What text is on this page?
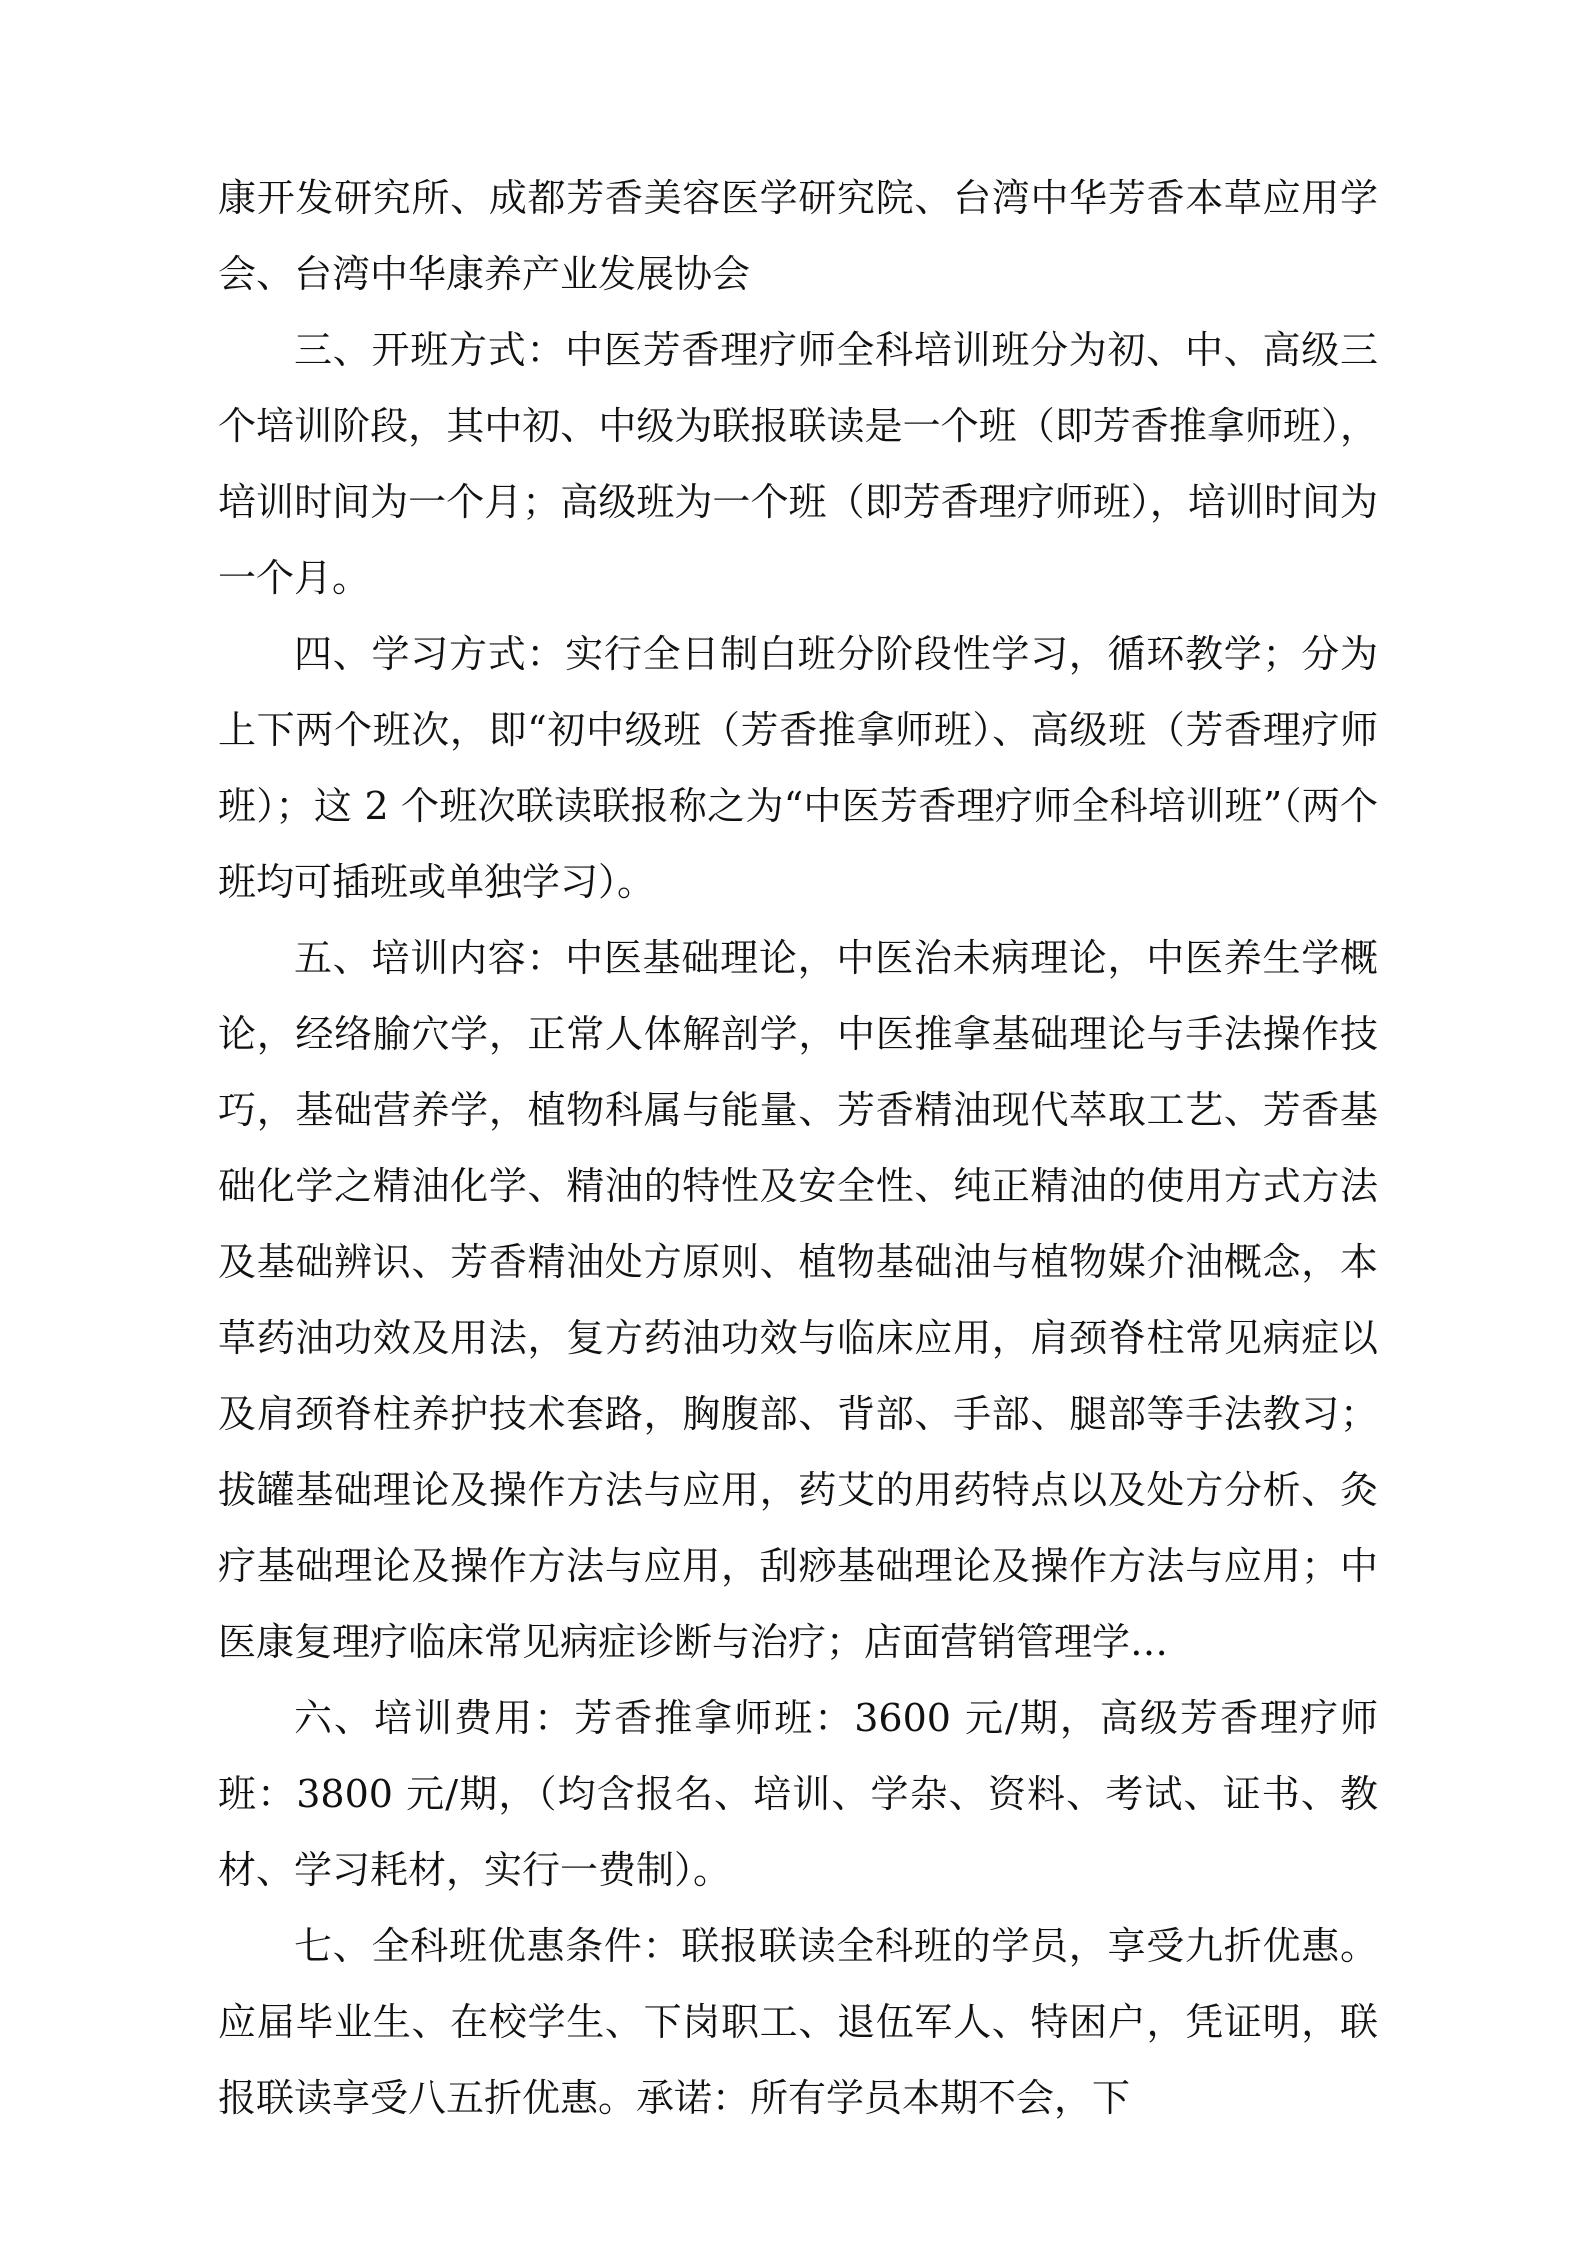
康开发研究所、成都芳香美容医学研究院、台湾中华芳香本草应用学会、台湾中华康养产业发展协会

三、开班方式：中医芳香理疗师全科培训班分为初、中、高级三个培训阶段，其中初、中级为联报联读是一个班（即芳香推拿师班），培训时间为一个月；高级班为一个班（即芳香理疗师班），培训时间为一个月。

四、学习方式：实行全日制白班分阶段性学习，循环教学；分为上下两个班次，即“初中级班（芳香推拿师班）、高级班（芳香理疗师班）；这 2 个班次联读联报称之为“中医芳香理疗师全科培训班”（两个班均可插班或单独学习）。

五、培训内容：中医基础理论，中医治未病理论，中医养生学概论，经络腧穴学，正常人体解剖学，中医推拿基础理论与手法操作技巧，基础营养学，植物科属与能量、芳香精油现代萃取工艺、芳香基础化学之精油化学、精油的特性及安全性、纯正精油的使用方式方法及基础辨识、芳香精油处方原则、植物基础油与植物媒介油概念，本草药油功效及用法，复方药油功效与临床应用，肩颈脊柱常见病症以及肩颈脊柱养护技术套路，胸腹部、背部、手部、腿部等手法教习；拔罐基础理论及操作方法与应用，药艾的用药特点以及处方分析、灸疗基础理论及操作方法与应用，刮痧基础理论及操作方法与应用；中医康复理疗临床常见病症诊断与治疗；店面营销管理学…

六、培训费用：芳香推拿师班：3600 元/期，高级芳香理疗师班：3800 元/期，（均含报名、培训、学杂、资料、考试、证书、教材、学习耗材，实行一费制）。

七、全科班优惠条件：联报联读全科班的学员，享受九折优惠。应届毕业生、在校学生、下岗职工、退伍军人、特困户，凭证明，联报联读享受八五折优惠。承诺：所有学员本期不会，下
